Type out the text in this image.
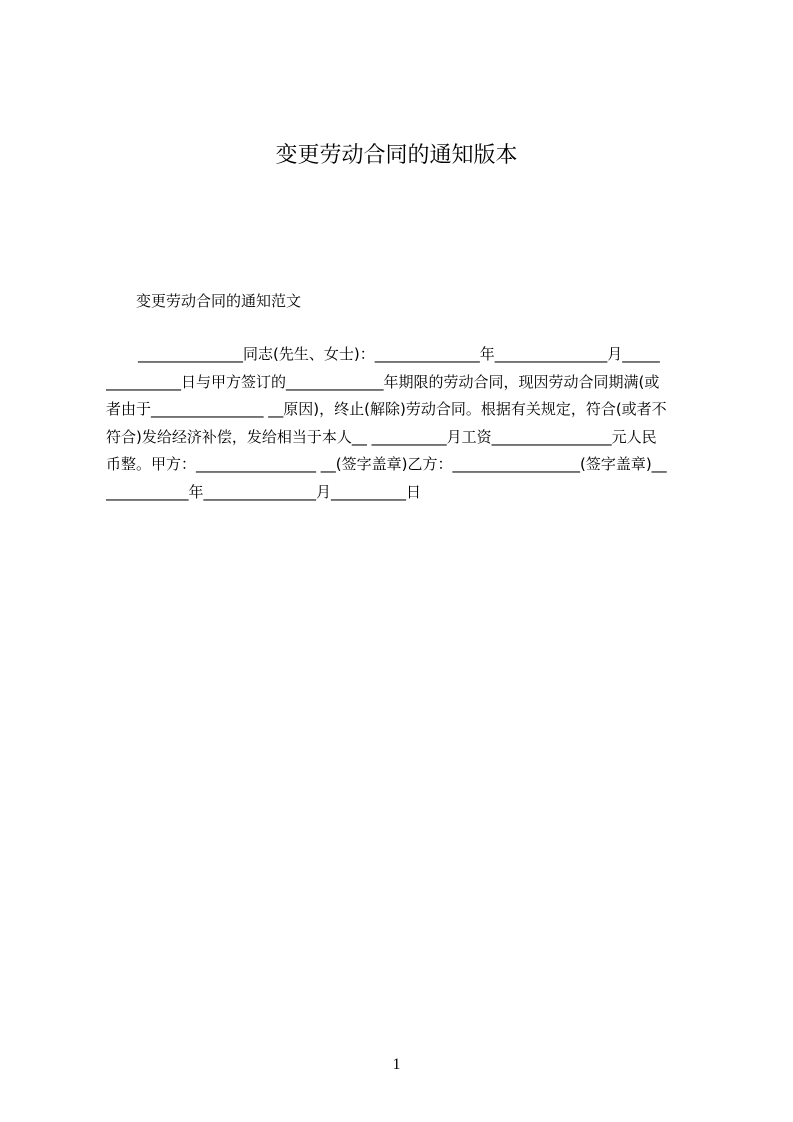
变更劳动合同的通知版本

变更劳动合同的通知范文

______________同志(先生、女士)：______________年_______________月_____
__________日与甲方签订的_____________年期限的劳动合同，现因劳动合同期满(或
者由于_______________ __原因)，终止(解除)劳动合同。根据有关规定，符合(或者不
符合)发给经济补偿，发给相当于本人__ __________月工资________________元人民
币整。甲方：________________ __(签字盖章)乙方：_________________(签字盖章)__
___________年_______________月__________日
1
